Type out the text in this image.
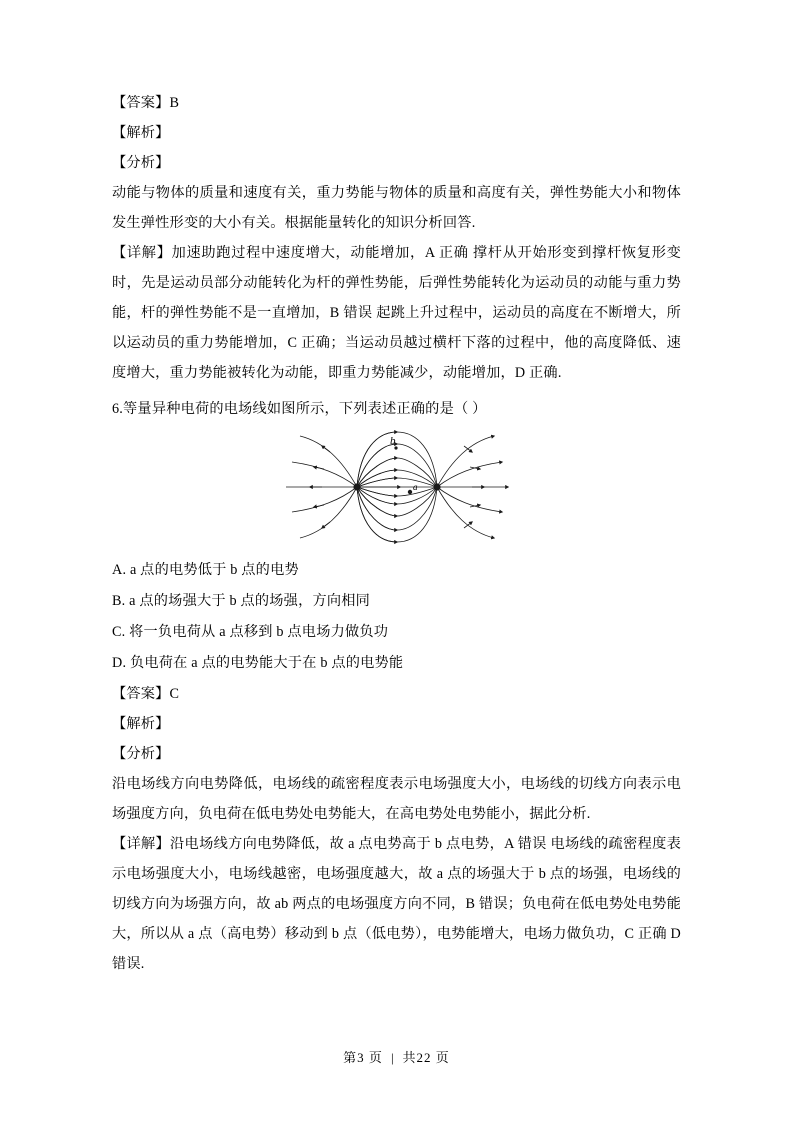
【答案】B

【解析】

【分析】

动能与物体的质量和速度有关，重力势能与物体的质量和高度有关，弹性势能大小和物体发生弹性形变的大小有关。根据能量转化的知识分析回答.

【详解】加速助跑过程中速度增大，动能增加，A 正确 撑杆从开始形变到撑杆恢复形变时，先是运动员部分动能转化为杆的弹性势能，后弹性势能转化为运动员的动能与重力势能，杆的弹性势能不是一直增加，B 错误 起跳上升过程中，运动员的高度在不断增大，所以运动员的重力势能增加，C 正确；当运动员越过横杆下落的过程中，他的高度降低、速度增大，重力势能被转化为动能，即重力势能减少，动能增加，D 正确.

6.等量异种电荷的电场线如图所示，下列表述正确的是（ ）

b
a

A. a 点的电势低于 b 点的电势

B. a 点的场强大于 b 点的场强，方向相同

C. 将一负电荷从 a 点移到 b 点电场力做负功

D. 负电荷在 a 点的电势能大于在 b 点的电势能

【答案】C

【解析】

【分析】

沿电场线方向电势降低，电场线的疏密程度表示电场强度大小，电场线的切线方向表示电场强度方向，负电荷在低电势处电势能大，在高电势处电势能小，据此分析.

【详解】沿电场线方向电势降低，故 a 点电势高于 b 点电势，A 错误 电场线的疏密程度表示电场强度大小，电场线越密，电场强度越大，故 a 点的场强大于 b 点的场强，电场线的切线方向为场强方向，故 ab 两点的电场强度方向不同，B 错误；负电荷在低电势处电势能大，所以从 a 点（高电势）移动到 b 点（低电势），电势能增大，电场力做负功，C 正确 D 错误.

第3 页 | 共22 页
